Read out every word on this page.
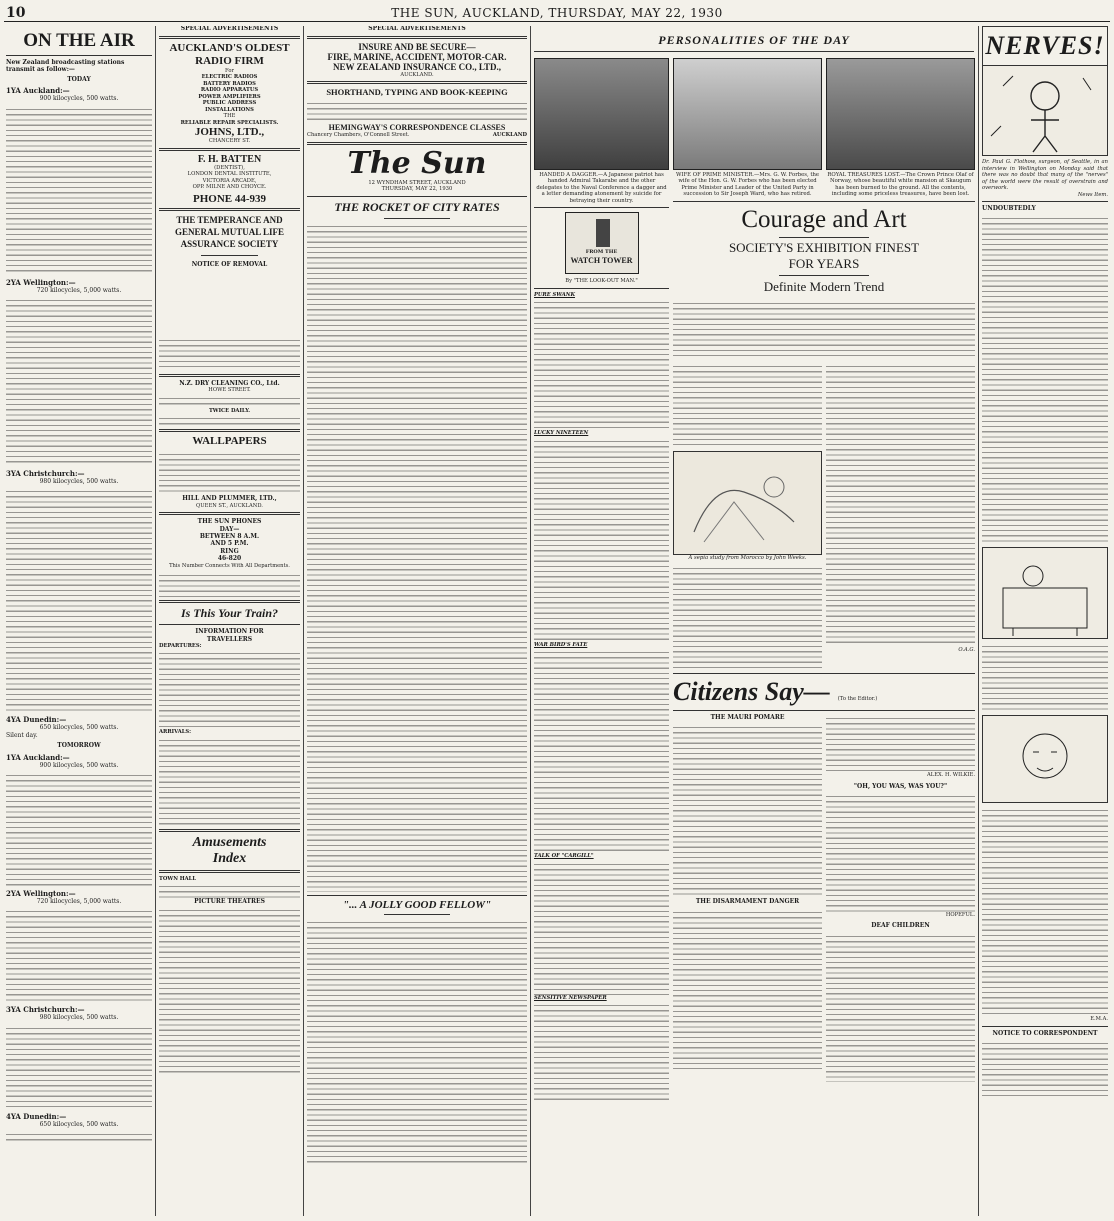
10	THE SUN, AUCKLAND, THURSDAY, MAY 22, 1930
ON THE AIR
New Zealand broadcasting stations transmit as follow:—
TODAY
1YA Auckland:—
900 kilocycles, 500 watts.
2YA Wellington:—
720 kilocycles, 5,000 watts.
3YA Christchurch:—
980 kilocycles, 500 watts.
4YA Dunedin:—
650 kilocycles, 500 watts.
Silent day.
TOMORROW
1YA Auckland:—
900 kilocycles, 500 watts.
2YA Wellington:—
720 kilocycles, 5,000 watts.
3YA Christchurch:—
980 kilocycles, 500 watts.
4YA Dunedin:—
650 kilocycles, 500 watts.
SPECIAL ADVERTISEMENTS
AUCKLAND'S OLDEST RADIO FIRM
For
ELECTRIC RADIOS
BATTERY RADIOS
RADIO APPARATUS
POWER AMPLIFIERS
PUBLIC ADDRESS
INSTALLATIONS
THE
RELIABLE REPAIR SPECIALISTS.
JOHNS, LTD.,
CHANCERY ST.
F. H. BATTEN
(DENTIST),
LONDON DENTAL INSTITUTE,
VICTORIA ARCADE,
OPP. MILNE AND CHOYCE.
PHONE 44-939
THE TEMPERANCE AND
GENERAL MUTUAL LIFE
ASSURANCE SOCIETY
NOTICE OF REMOVAL
N.Z. DRY CLEANING CO., Ltd.
HOWE STREET.
TWICE DAILY.
WALLPAPERS
HILL AND PLUMMER, LTD.,
QUEEN ST., AUCKLAND.
THE SUN PHONES
DAY—
BETWEEN 8 A.M.
AND 5 P.M.
RING
46-820
This Number Connects With All Departments.
Is This Your Train?
INFORMATION FOR
TRAVELLERS
DEPARTURES:
ARRIVALS:
Amusements
Index
TOWN HALL
PICTURE THEATRES
SPECIAL ADVERTISEMENTS
INSURE AND BE SECURE—
FIRE, MARINE, ACCIDENT, MOTOR-CAR.
NEW ZEALAND INSURANCE CO., LTD.,
AUCKLAND.
SHORTHAND, TYPING AND BOOK-KEEPING
HEMINGWAY'S CORRESPONDENCE CLASSES
Chancery Chambers, O'Connell Street.	AUCKLAND
The Sun
12 WYNDHAM STREET, AUCKLAND
THURSDAY, MAY 22, 1930
THE ROCKET OF CITY RATES
"... A JOLLY GOOD FELLOW"

PERSONALITIES OF THE DAY
HANDED A DAGGER.—A Japanese patriot has handed Admiral Takarabe and the other delegates to the Naval Conference a dagger and a letter demanding atonement by suicide for betraying their country.
FROM THE
WATCH TOWER
By "THE LOOK-OUT MAN."
PURE SWANK
LUCKY NINETEEN
WAR BIRD'S FATE
TALK OF "CARGILL"
SENSITIVE NEWSPAPER
WIFE OF PRIME MINISTER.—Mrs. G. W. Forbes, the wife of the Hon. G. W. Forbes who has been elected Prime Minister and Leader of the United Party in succession to Sir Joseph Ward, who has retired.
ROYAL TREASURES LOST.—The Crown Prince Olaf of Norway, whose beautiful white mansion at Skaugum has been burned to the ground. All the contents, including some priceless treasures, have been lost.
Courage and Art
SOCIETY'S EXHIBITION FINEST
FOR YEARS
Definite Modern Trend
A sepia study from Morocco by John Weeks.
O.A.G.
Citizens Say— (To the Editor.)
THE MAURI POMARE
THE DISARMAMENT DANGER
ALEX. H. WILKIE.
"OH, YOU WAS, WAS YOU?"
HOPEFUL.
DEAF CHILDREN
NERVES!
Dr. Paul G. Flothow, surgeon, of Seattle, in an interview in Wellington on Monday said that there was no doubt that many of the "nerves" of the world were the result of overstrain and overwork.
News Item.
UNDOUBTEDLY
E.M.A.
NOTICE TO CORRESPONDENT
